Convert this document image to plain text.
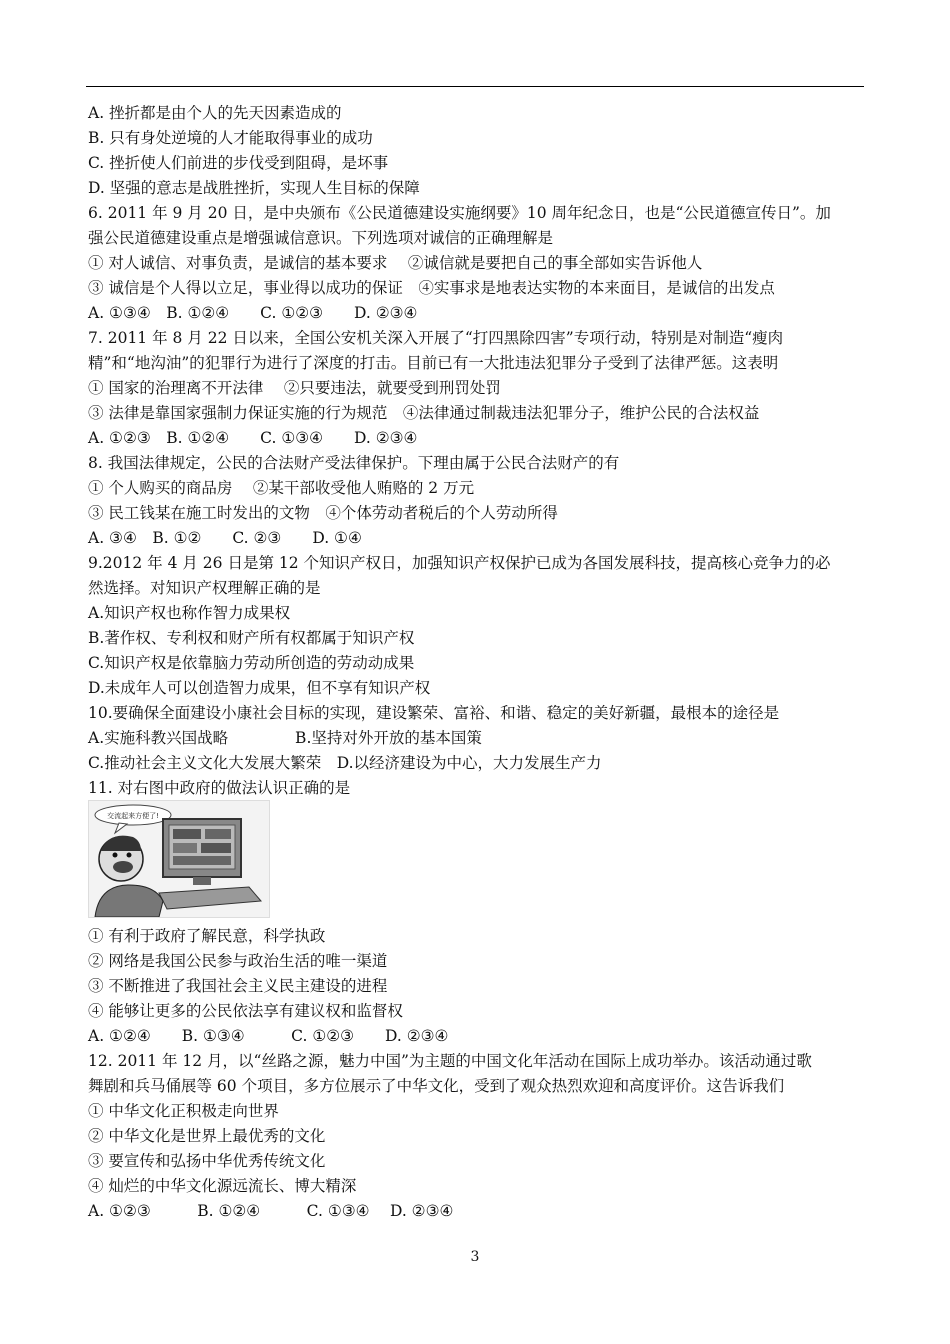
A. 挫折都是由个人的先天因素造成的
B. 只有身处逆境的人才能取得事业的成功
C. 挫折使人们前进的步伐受到阻碍，是坏事
D. 坚强的意志是战胜挫折，实现人生目标的保障
6. 2011 年 9 月 20 日，是中央颁布《公民道德建设实施纲要》10 周年纪念日，也是“公民道德宣传日”。加
强公民道德建设重点是增强诚信意识。下列选项对诚信的正确理解是
① 对人诚信、对事负责，是诚信的基本要求　 ②诚信就是要把自己的事全部如实告诉他人
③ 诚信是个人得以立足，事业得以成功的保证　④实事求是地表达实物的本来面目，是诚信的出发点
A. ①③④　B. ①②④　　C. ①②③　　D. ②③④
7. 2011 年 8 月 22 日以来，全国公安机关深入开展了“打四黑除四害”专项行动，特别是对制造“瘦肉
精”和“地沟油”的犯罪行为进行了深度的打击。目前已有一大批违法犯罪分子受到了法律严惩。这表明
① 国家的治理离不开法律　 ②只要违法，就要受到刑罚处罚
③ 法律是靠国家强制力保证实施的行为规范　④法律通过制裁违法犯罪分子，维护公民的合法权益
A. ①②③　B. ①②④　　C. ①③④　　D. ②③④
8. 我国法律规定，公民的合法财产受法律保护。下理由属于公民合法财产的有
① 个人购买的商品房　 ②某干部收受他人贿赂的 2 万元
③ 民工钱某在施工时发出的文物　④个体劳动者税后的个人劳动所得
A. ③④　B. ①②　　C. ②③　　D. ①④
9.2012 年 4 月 26 日是第 12 个知识产权日，加强知识产权保护已成为各国发展科技，提高核心竞争力的必
然选择。对知识产权理解正确的是
A.知识产权也称作智力成果权
B.著作权、专利权和财产所有权都属于知识产权
C.知识产权是依靠脑力劳动所创造的劳动动成果
D.未成年人可以创造智力成果，但不享有知识产权
10.要确保全面建设小康社会目标的实现，建设繁荣、富裕、和谐、稳定的美好新疆，最根本的途径是
A.实施科教兴国战略　　　　 B.坚持对外开放的基本国策
C.推动社会主义文化大发展大繁荣　D.以经济建设为中心，大力发展生产力
11. 对右图中政府的做法认识正确的是
① 有利于政府了解民意，科学执政
② 网络是我国公民参与政治生活的唯一渠道
③ 不断推进了我国社会主义民主建设的进程
④ 能够让更多的公民依法享有建议权和监督权
A. ①②④　　B. ①③④　　　C. ①②③　　D. ②③④
12. 2011 年 12 月，以“丝路之源，魅力中国”为主题的中国文化年活动在国际上成功举办。该活动通过歌
舞剧和兵马俑展等 60 个项目，多方位展示了中华文化，受到了观众热烈欢迎和高度评价。这告诉我们
① 中华文化正积极走向世界
② 中华文化是世界上最优秀的文化
③ 要宣传和弘扬中华优秀传统文化
④ 灿烂的中华文化源远流长、博大精深
A. ①②③　　　B. ①②④　　　C. ①③④　 D. ②③④
交流起来方便了!
3
